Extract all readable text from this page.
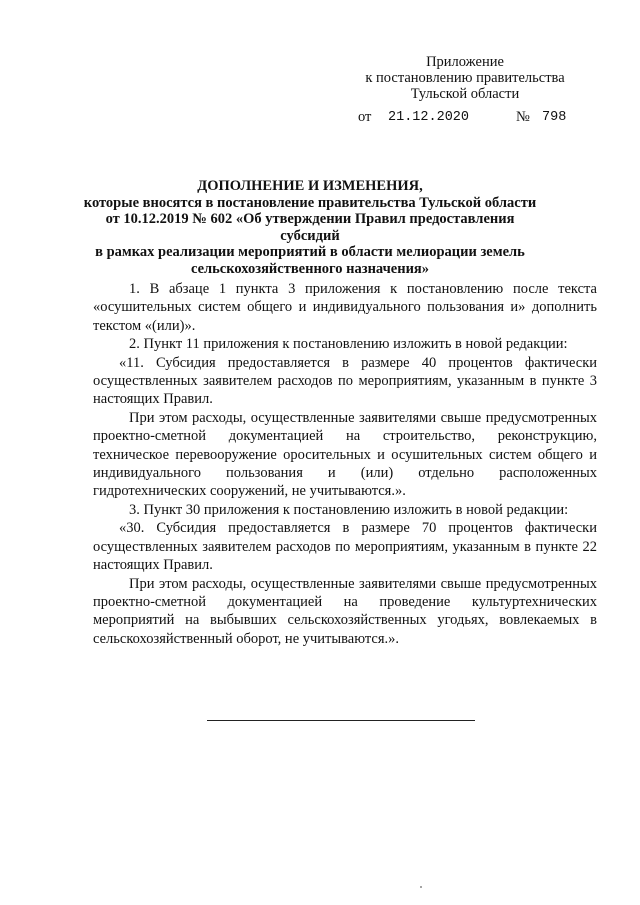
Приложение
к постановлению правительства
Тульской области
от 21.12.2020	№ 798
ДОПОЛНЕНИЕ И ИЗМЕНЕНИЯ,
которые вносятся в постановление правительства Тульской области
от 10.12.2019 № 602 «Об утверждении Правил предоставления субсидий
в рамках реализации мероприятий в области мелиорации земель
сельскохозяйственного назначения»

1. В абзаце 1 пункта 3 приложения к постановлению после текста «осушительных систем общего и индивидуального пользования и» дополнить текстом «(или)».

2. Пункт 11 приложения к постановлению изложить в новой редакции:

«11. Субсидия предоставляется в размере 40 процентов фактически осуществленных заявителем расходов по мероприятиям, указанным в пункте 3 настоящих Правил.

При этом расходы, осуществленные заявителями свыше предусмотренных проектно-сметной документацией на строительство, реконструкцию, техническое перевооружение оросительных и осушительных систем общего и индивидуального пользования и (или) отдельно расположенных гидротехнических сооружений, не учитываются.».

3. Пункт 30 приложения к постановлению изложить в новой редакции:

«30. Субсидия предоставляется в размере 70 процентов фактически осуществленных заявителем расходов по мероприятиям, указанным в пункте 22 настоящих Правил.

При этом расходы, осуществленные заявителями свыше предусмотренных проектно-сметной документацией на проведение культуртехнических мероприятий на выбывших сельскохозяйственных угодьях, вовлекаемых в сельскохозяйственный оборот, не учитываются.».
